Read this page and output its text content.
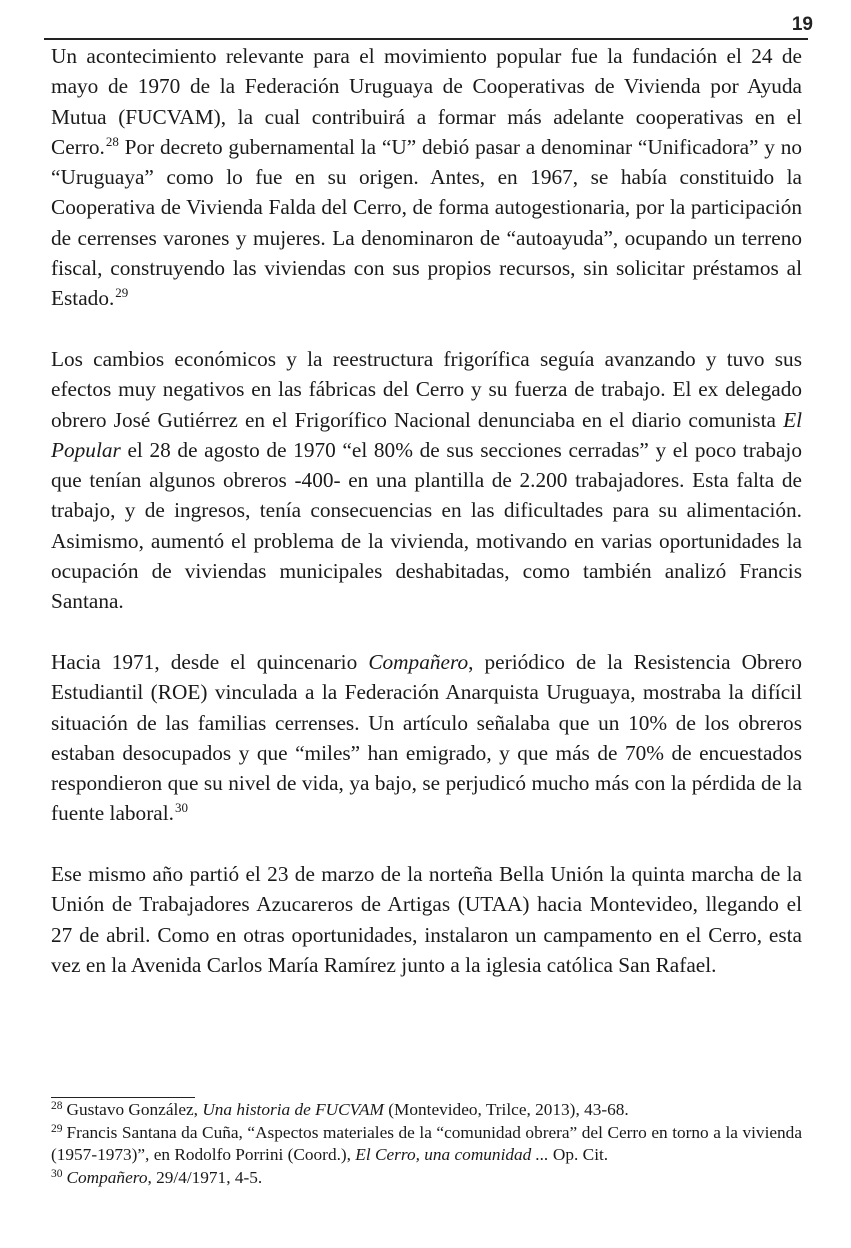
19

Un acontecimiento relevante para el movimiento popular fue la fundación el 24 de mayo de 1970 de la Federación Uruguaya de Cooperativas de Vivienda por Ayuda Mutua (FUCVAM), la cual contribuirá a formar más adelante cooperativas en el Cerro.$^{28}$ Por decreto gubernamental la “U” debió pasar a denominar “Unificadora” y no “Uruguaya” como lo fue en su origen. Antes, en 1967, se había constituido la Cooperativa de Vivienda Falda del Cerro, de forma autogestionaria, por la participación de cerrenses varones y mujeres. La denominaron de “autoayuda”, ocupando un terreno fiscal, construyendo las viviendas con sus propios recursos, sin solicitar préstamos al Estado.$^{29}$

Los cambios económicos y la reestructura frigorífica seguía avanzando y tuvo sus efectos muy negativos en las fábricas del Cerro y su fuerza de trabajo. El ex delegado obrero José Gutiérrez en el Frigorífico Nacional denunciaba en el diario comunista El Popular el 28 de agosto de 1970 “el 80% de sus secciones cerradas” y el poco trabajo que tenían algunos obreros -400- en una plantilla de 2.200 trabajadores. Esta falta de trabajo, y de ingresos, tenía consecuencias en las dificultades para su alimentación. Asimismo, aumentó el problema de la vivienda, motivando en varias oportunidades la ocupación de viviendas municipales deshabitadas, como también analizó Francis Santana.

Hacia 1971, desde el quincenario Compañero, periódico de la Resistencia Obrero Estudiantil (ROE) vinculada a la Federación Anarquista Uruguaya, mostraba la difícil situación de las familias cerrenses. Un artículo señalaba que un 10% de los obreros estaban desocupados y que “miles” han emigrado, y que más de 70% de encuestados respondieron que su nivel de vida, ya bajo, se perjudicó mucho más con la pérdida de la fuente laboral.$^{30}$

Ese mismo año partió el 23 de marzo de la norteña Bella Unión la quinta marcha de la Unión de Trabajadores Azucareros de Artigas (UTAA) hacia Montevideo, llegando el 27 de abril. Como en otras oportunidades, instalaron un campamento en el Cerro, esta vez en la Avenida Carlos María Ramírez junto a la iglesia católica San Rafael.

$^{28}$ Gustavo González, Una historia de FUCVAM (Montevideo, Trilce, 2013), 43-68.

$^{29}$ Francis Santana da Cuña, “Aspectos materiales de la “comunidad obrera” del Cerro en torno a la vivienda (1957-1973)”, en Rodolfo Porrini (Coord.), El Cerro, una comunidad ... Op. Cit.

$^{30}$ Compañero, 29/4/1971, 4-5.
